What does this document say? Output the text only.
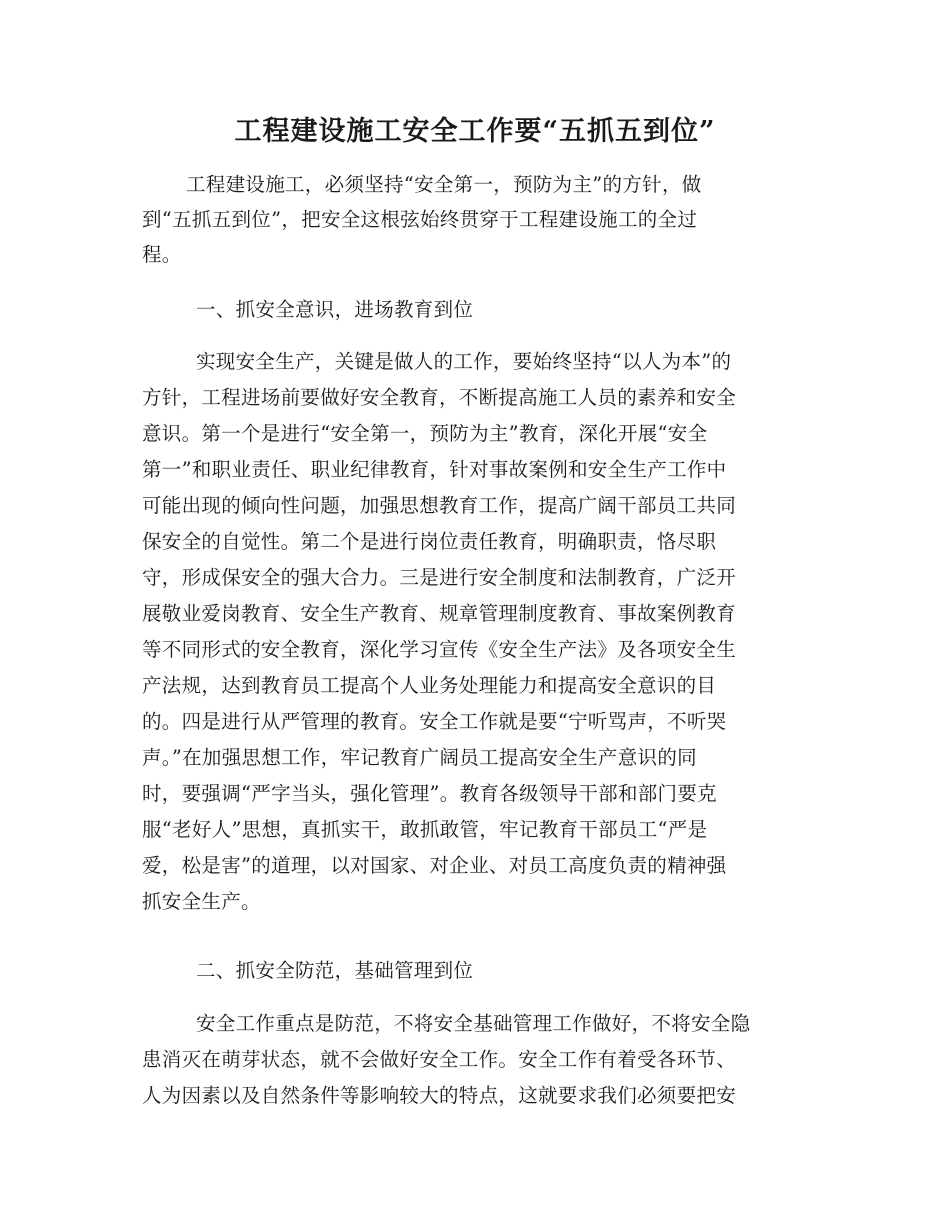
工程建设施工安全工作要“五抓五到位”
工程建设施工，必须坚持“安全第一，预防为主”的方针，做
到“五抓五到位”，把安全这根弦始终贯穿于工程建设施工的全过
程。
一、抓安全意识，进场教育到位
实现安全生产，关键是做人的工作，要始终坚持“以人为本”的
方针，工程进场前要做好安全教育，不断提高施工人员的素养和安全
意识。第一个是进行“安全第一，预防为主”教育，深化开展“安全
第一”和职业责任、职业纪律教育，针对事故案例和安全生产工作中
可能出现的倾向性问题，加强思想教育工作，提高广阔干部员工共同
保安全的自觉性。第二个是进行岗位责任教育，明确职责，恪尽职
守，形成保安全的强大合力。三是进行安全制度和法制教育，广泛开
展敬业爱岗教育、安全生产教育、规章管理制度教育、事故案例教育
等不同形式的安全教育，深化学习宣传《安全生产法》及各项安全生
产法规，达到教育员工提高个人业务处理能力和提高安全意识的目
的。四是进行从严管理的教育。安全工作就是要“宁听骂声，不听哭
声。”在加强思想工作，牢记教育广阔员工提高安全生产意识的同
时，要强调“严字当头，强化管理”。教育各级领导干部和部门要克
服“老好人”思想，真抓实干，敢抓敢管，牢记教育干部员工“严是
爱，松是害”的道理，以对国家、对企业、对员工高度负责的精神强
抓安全生产。
二、抓安全防范，基础管理到位
安全工作重点是防范，不将安全基础管理工作做好，不将安全隐
患消灭在萌芽状态，就不会做好安全工作。安全工作有着受各环节、
人为因素以及自然条件等影响较大的特点，这就要求我们必须要把安
